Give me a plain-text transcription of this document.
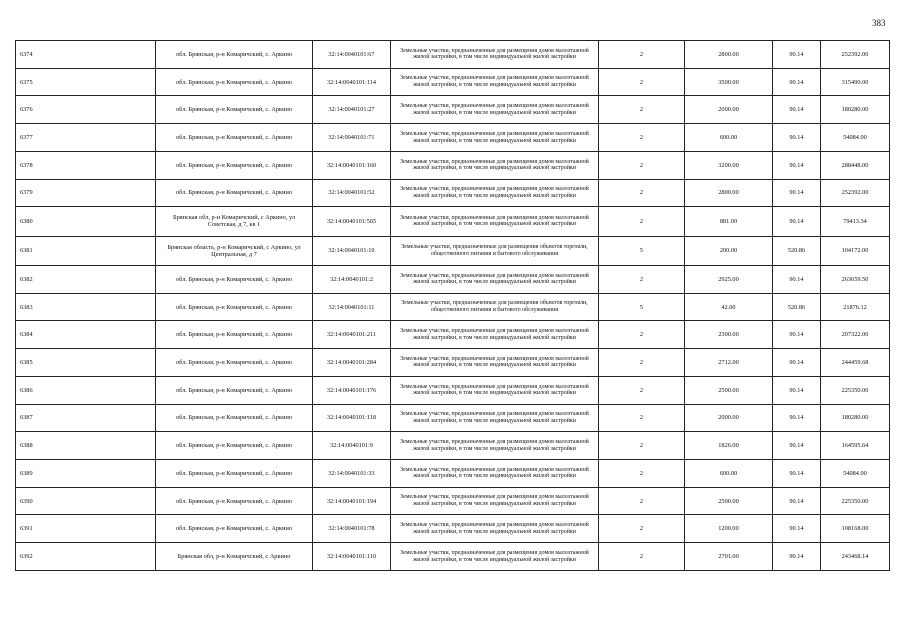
383
6374	обл. Брянская, р-н Комаричский, с. Аркино	32:14:0040101:67	Земельные участки, предназначенные для размещения домов малоэтажной жилой застройки, в том числе индивидуальной жилой застройки	2	2800.00	90.14	252392.00
6375	обл. Брянская, р-н Комаричский, с. Аркино	32:14:0040101:114	Земельные участки, предназначенные для размещения домов малоэтажной жилой застройки, в том числе индивидуальной жилой застройки	2	3500.00	90.14	315490.00
6376	обл. Брянская, р-н Комаричский, с. Аркино	32:14:0040101:27	Земельные участки, предназначенные для размещения домов малоэтажной жилой застройки, в том числе индивидуальной жилой застройки	2	2000.00	90.14	180280.00
6377	обл. Брянская, р-н Комаричский, с. Аркино	32:14:0040101:71	Земельные участки, предназначенные для размещения домов малоэтажной жилой застройки, в том числе индивидуальной жилой застройки	2	600.00	90.14	54084.00
6378	обл. Брянская, р-н Комаричский, с. Аркино	32:14:0040101:160	Земельные участки, предназначенные для размещения домов малоэтажной жилой застройки, в том числе индивидуальной жилой застройки	2	3200.00	90.14	288448.00
6379	обл. Брянская, р-н Комаричский, с. Аркино	32:14:0040101:52	Земельные участки, предназначенные для размещения домов малоэтажной жилой застройки, в том числе индивидуальной жилой застройки	2	2800.00	90.14	252392.00
6380	Брянская обл, р-н Комаричский, с Аркино, ул Советская, д 7, кв 1	32:14:0040101:565	Земельные участки, предназначенные для размещения домов малоэтажной жилой застройки, в том числе индивидуальной жилой застройки	2	881.00	90.14	79413.34
6381	Брянская область, р-н Комаричский, с Аркино, ул Центральная, д 7	32:14:0040101:10	Земельные участки, предназначенные для размещения объектов торговли, общественного питания и бытового обслуживания	5	200.00	520.86	104172.00
6382	обл. Брянская, р-н Комаричский, с. Аркино	32:14:0040101:2	Земельные участки, предназначенные для размещения домов малоэтажной жилой застройки, в том числе индивидуальной жилой застройки	2	2925.00	90.14	263659.50
6383	обл. Брянская, р-н Комаричский, с. Аркино	32:14:0040101:11	Земельные участки, предназначенные для размещения объектов торговли, общественного питания и бытового обслуживания	5	42.00	520.86	21876.12
6384	обл. Брянская, р-н Комаричский, с. Аркино	32:14:0040101:211	Земельные участки, предназначенные для размещения домов малоэтажной жилой застройки, в том числе индивидуальной жилой застройки	2	2300.00	90.14	207322.00
6385	обл. Брянская, р-н Комаричский, с. Аркино	32:14:0040101:284	Земельные участки, предназначенные для размещения домов малоэтажной жилой застройки, в том числе индивидуальной жилой застройки	2	2712.00	90.14	244459.68
6386	обл. Брянская, р-н Комаричский, с. Аркино	32:14:0040101:176	Земельные участки, предназначенные для размещения домов малоэтажной жилой застройки, в том числе индивидуальной жилой застройки	2	2500.00	90.14	225350.00
6387	обл. Брянская, р-н Комаричский, с. Аркино	32:14:0040101:118	Земельные участки, предназначенные для размещения домов малоэтажной жилой застройки, в том числе индивидуальной жилой застройки	2	2000.00	90.14	180280.00
6388	обл. Брянская, р-н Комаричский, с. Аркино	32:14:0040101:9	Земельные участки, предназначенные для размещения домов малоэтажной жилой застройки, в том числе индивидуальной жилой застройки	2	1826.00	90.14	164595.64
6389	обл. Брянская, р-н Комаричский, с. Аркино	32:14:0040101:33	Земельные участки, предназначенные для размещения домов малоэтажной жилой застройки, в том числе индивидуальной жилой застройки	2	600.00	90.14	54084.00
6390	обл. Брянская, р-н Комаричский, с. Аркино	32:14:0040101:194	Земельные участки, предназначенные для размещения домов малоэтажной жилой застройки, в том числе индивидуальной жилой застройки	2	2500.00	90.14	225350.00
6391	обл. Брянская, р-н Комаричский, с. Аркино	32:14:0040101:78	Земельные участки, предназначенные для размещения домов малоэтажной жилой застройки, в том числе индивидуальной жилой застройки	2	1200.00	90.14	108168.00
6392	Брянская обл, р-н Комаричский, с Аркино	32:14:0040101:110	Земельные участки, предназначенные для размещения домов малоэтажной жилой застройки, в том числе индивидуальной жилой застройки	2	2701.00	90.14	243468.14
